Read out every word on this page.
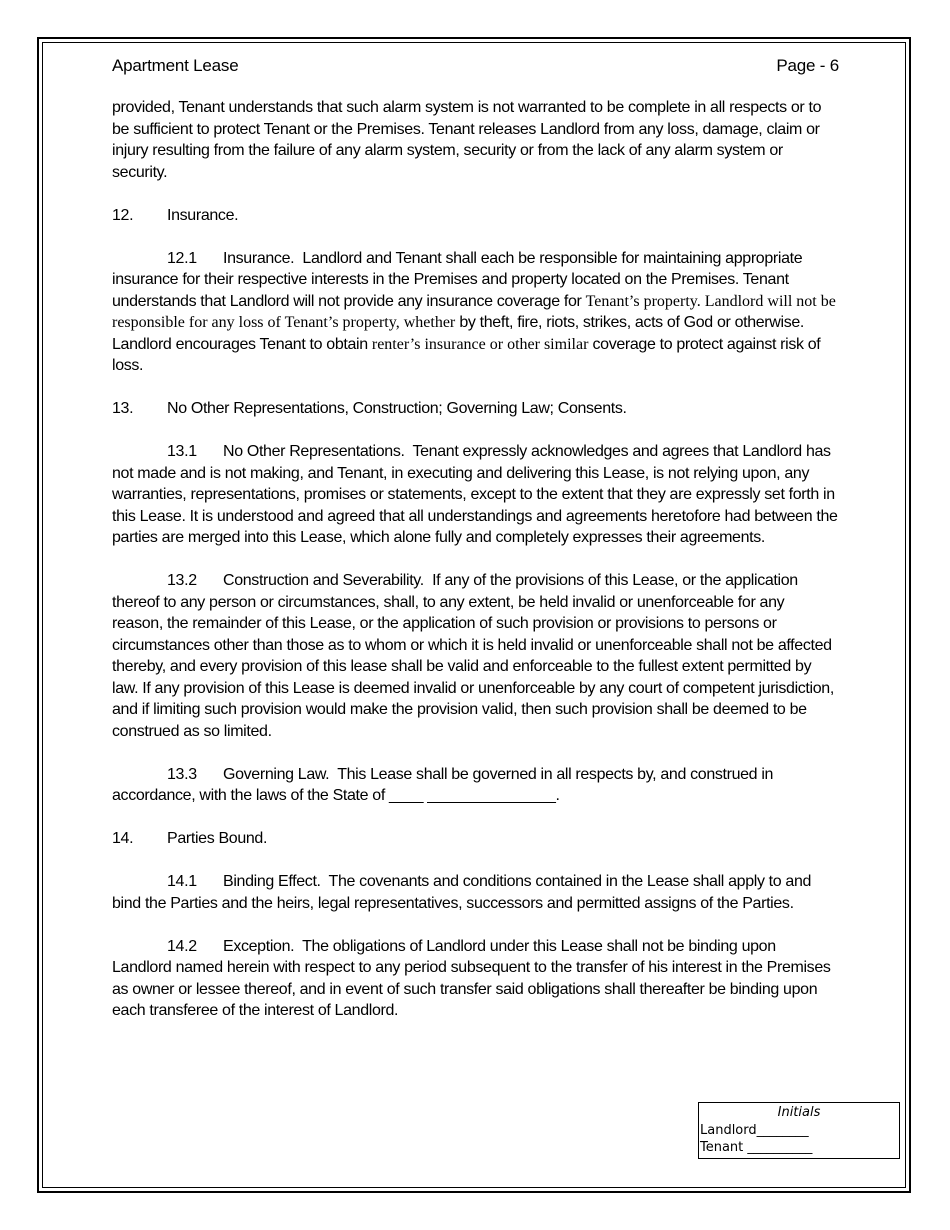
Apartment Lease	Page - 6

provided, Tenant understands that such alarm system is not warranted to be complete in all respects or to be sufficient to protect Tenant or the Premises. Tenant releases Landlord from any loss, damage, claim or injury resulting from the failure of any alarm system, security or from the lack of any alarm system or security.

12. Insurance.

12.1 Insurance. Landlord and Tenant shall each be responsible for maintaining appropriate insurance for their respective interests in the Premises and property located on the Premises. Tenant understands that Landlord will not provide any insurance coverage for Tenant’s property. Landlord will not be responsible for any loss of Tenant’s property, whether by theft, fire, riots, strikes, acts of God or otherwise. Landlord encourages Tenant to obtain renter’s insurance or other similar coverage to protect against risk of loss.

13. No Other Representations, Construction; Governing Law; Consents.

13.1 No Other Representations. Tenant expressly acknowledges and agrees that Landlord has not made and is not making, and Tenant, in executing and delivering this Lease, is not relying upon, any warranties, representations, promises or statements, except to the extent that they are expressly set forth in this Lease. It is understood and agreed that all understandings and agreements heretofore had between the parties are merged into this Lease, which alone fully and completely expresses their agreements.

13.2 Construction and Severability. If any of the provisions of this Lease, or the application thereof to any person or circumstances, shall, to any extent, be held invalid or unenforceable for any reason, the remainder of this Lease, or the application of such provision or provisions to persons or circumstances other than those as to whom or which it is held invalid or unenforceable shall not be affected thereby, and every provision of this lease shall be valid and enforceable to the fullest extent permitted by law. If any provision of this Lease is deemed invalid or unenforceable by any court of competent jurisdiction, and if limiting such provision would make the provision valid, then such provision shall be deemed to be construed as so limited.

13.3 Governing Law. This Lease shall be governed in all respects by, and construed in accordance, with the laws of the State of ____ _______________.

14. Parties Bound.

14.1 Binding Effect. The covenants and conditions contained in the Lease shall apply to and bind the Parties and the heirs, legal representatives, successors and permitted assigns of the Parties.

14.2 Exception. The obligations of Landlord under this Lease shall not be binding upon Landlord named herein with respect to any period subsequent to the transfer of his interest in the Premises as owner or lessee thereof, and in event of such transfer said obligations shall thereafter be binding upon each transferee of the interest of Landlord.

Initials
Landlord________
Tenant __________
